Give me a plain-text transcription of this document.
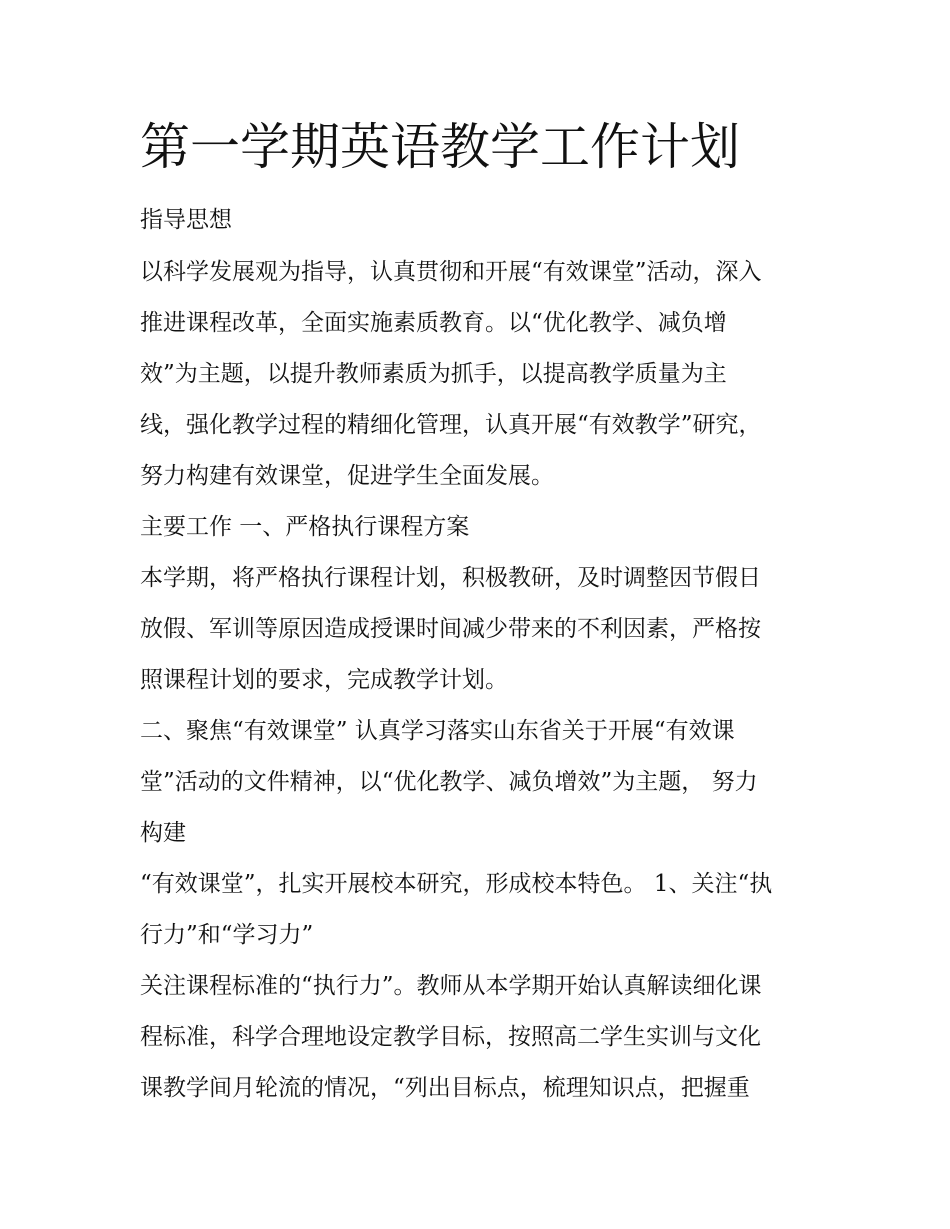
第一学期英语教学工作计划

指导思想

以科学发展观为指导，认真贯彻和开展“有效课堂”活动，深入

推进课程改革，全面实施素质教育。以“优化教学、减负增

效”为主题，以提升教师素质为抓手，以提高教学质量为主

线，强化教学过程的精细化管理，认真开展“有效教学”研究，

努力构建有效课堂，促进学生全面发展。

主要工作 一、严格执行课程方案

本学期，将严格执行课程计划，积极教研，及时调整因节假日

放假、军训等原因造成授课时间减少带来的不利因素，严格按

照课程计划的要求，完成教学计划。

二、聚焦“有效课堂” 认真学习落实山东省关于开展“有效课

堂”活动的文件精神，以“优化教学、减负增效”为主题， 努力

构建

“有效课堂”，扎实开展校本研究，形成校本特色。 1、关注“执

行力”和“学习力”

关注课程标准的“执行力”。教师从本学期开始认真解读细化课

程标准，科学合理地设定教学目标，按照高二学生实训与文化

课教学间月轮流的情况，“列出目标点，梳理知识点，把握重
